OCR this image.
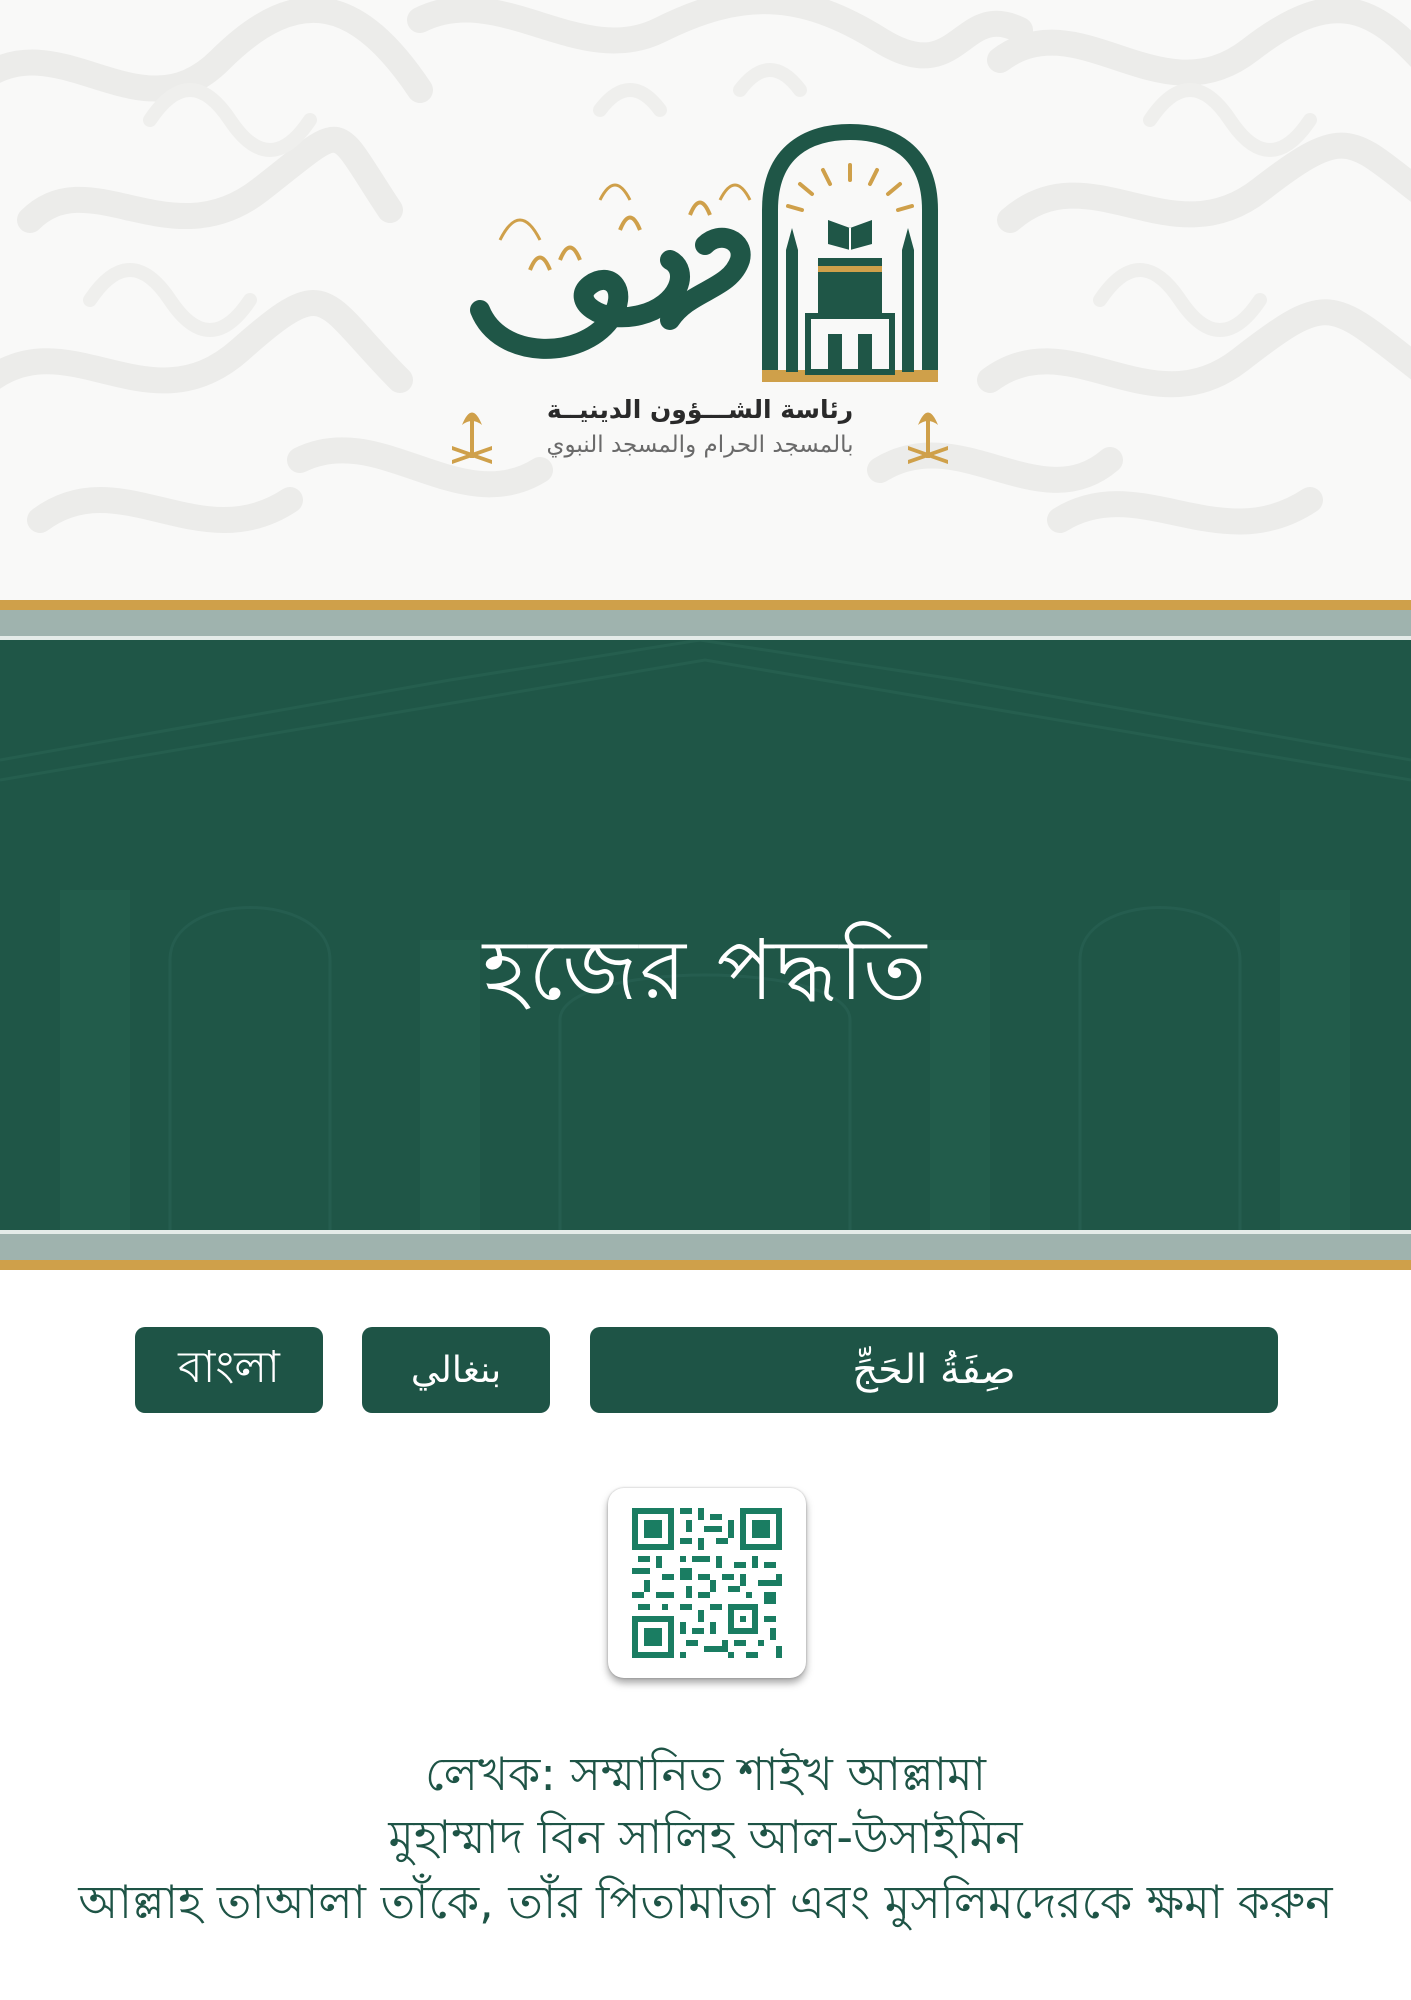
رئاسة الشـــؤون الدينيــة
بالمسجد الحرام والمسجد النبوي
হজের পদ্ধতি
বাংলা	بنغالي	صِفَةُ الحَجِّ
লেখক: সম্মানিত শাইখ আল্লামা
মুহাম্মাদ বিন সালিহ আল-উসাইমিন
আল্লাহ তাআলা তাঁকে, তাঁর পিতামাতা এবং মুসলিমদেরকে ক্ষমা করুন
